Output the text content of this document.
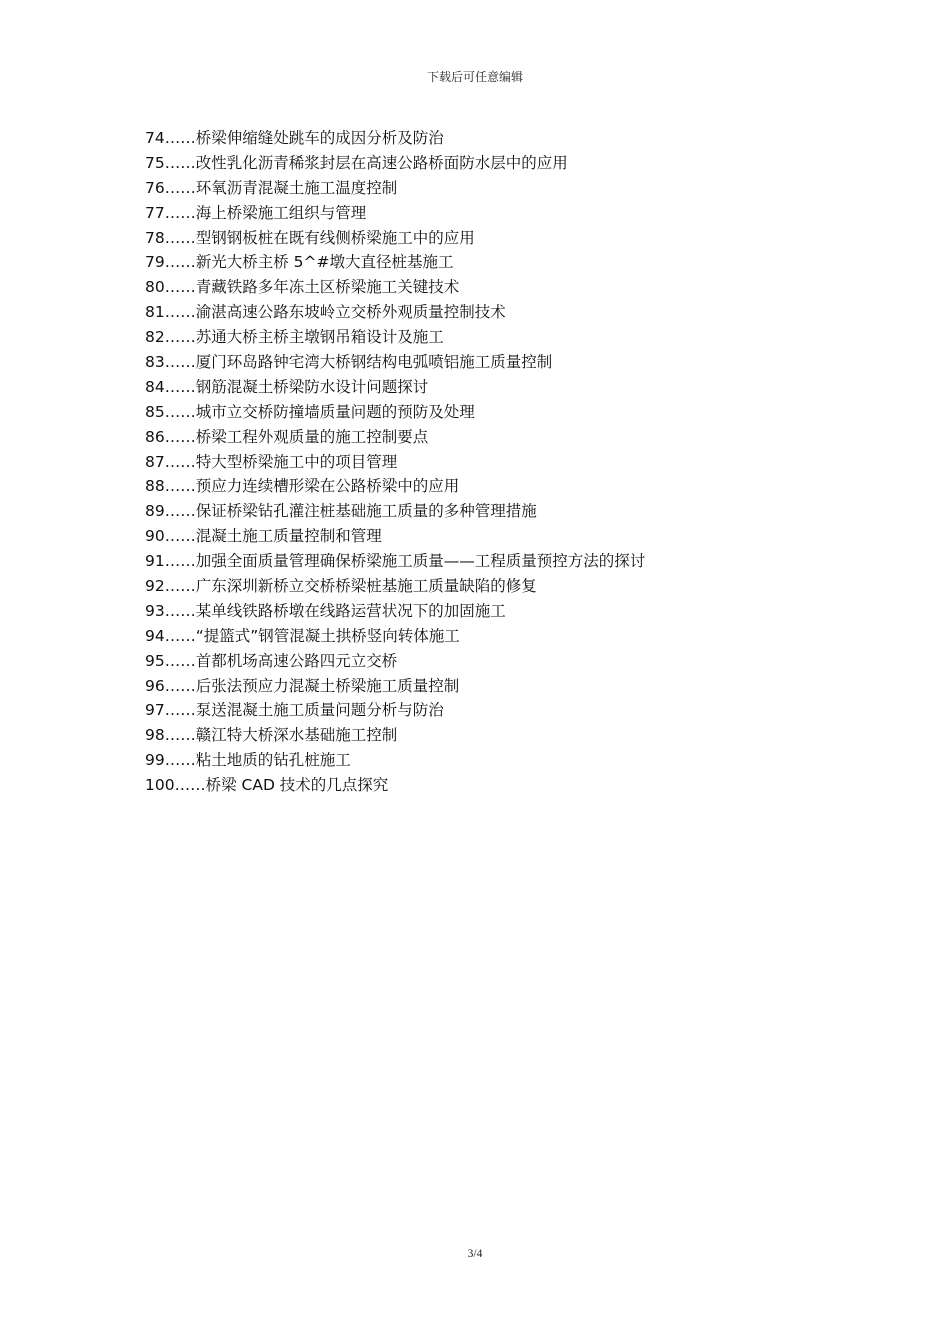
下载后可任意编辑
74……桥梁伸缩缝处跳车的成因分析及防治
75……改性乳化沥青稀浆封层在高速公路桥面防水层中的应用
76……环氧沥青混凝土施工温度控制
77……海上桥梁施工组织与管理
78……型钢钢板桩在既有线侧桥梁施工中的应用
79……新光大桥主桥 5^#墩大直径桩基施工
80……青藏铁路多年冻土区桥梁施工关键技术
81……渝湛高速公路东坡岭立交桥外观质量控制技术
82……苏通大桥主桥主墩钢吊箱设计及施工
83……厦门环岛路钟宅湾大桥钢结构电弧喷铝施工质量控制
84……钢筋混凝土桥梁防水设计问题探讨
85……城市立交桥防撞墙质量问题的预防及处理
86……桥梁工程外观质量的施工控制要点
87……特大型桥梁施工中的项目管理
88……预应力连续槽形梁在公路桥梁中的应用
89……保证桥梁钻孔灌注桩基础施工质量的多种管理措施
90……混凝土施工质量控制和管理
91……加强全面质量管理确保桥梁施工质量——工程质量预控方法的探讨
92……广东深圳新桥立交桥桥梁桩基施工质量缺陷的修复
93……某单线铁路桥墩在线路运营状况下的加固施工
94……“提篮式”钢管混凝土拱桥竖向转体施工
95……首都机场高速公路四元立交桥
96……后张法预应力混凝土桥梁施工质量控制
97……泵送混凝土施工质量问题分析与防治
98……赣江特大桥深水基础施工控制
99……粘土地质的钻孔桩施工
100……桥梁 CAD 技术的几点探究
3/4
